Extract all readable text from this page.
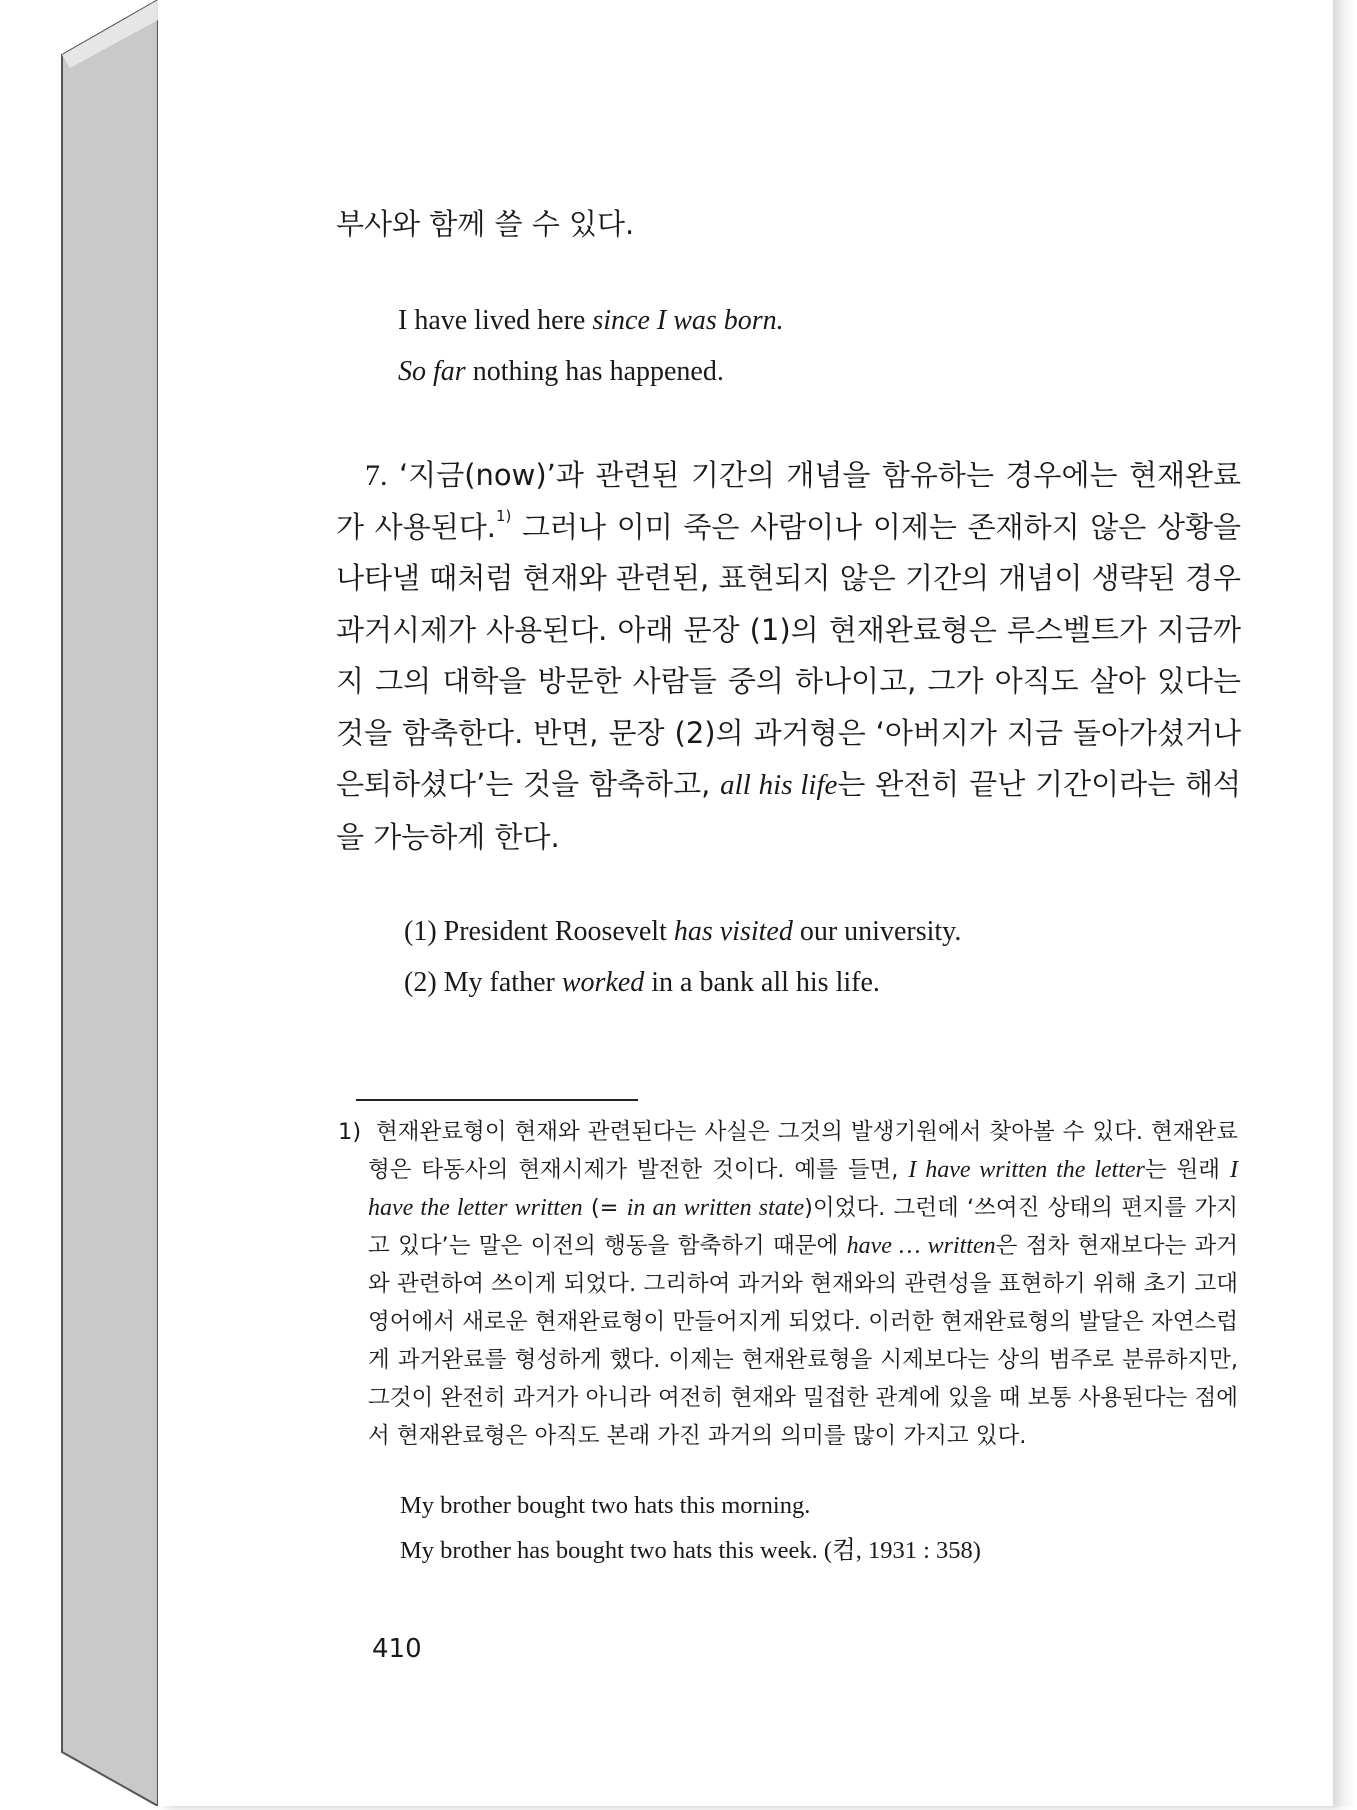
부사와 함께 쓸 수 있다.
I have lived here since I was born.
So far nothing has happened.
7. ‘지금(now)’과 관련된 기간의 개념을 함유하는 경우에는 현재완료가 사용된다.$^{1)}$ 그러나 이미 죽은 사람이나 이제는 존재하지 않은 상황을 나타낼 때처럼 현재와 관련된, 표현되지 않은 기간의 개념이 생략된 경우 과거시제가 사용된다. 아래 문장 (1)의 현재완료형은 루스벨트가 지금까지 그의 대학을 방문한 사람들 중의 하나이고, 그가 아직도 살아 있다는 것을 함축한다. 반면, 문장 (2)의 과거형은 ‘아버지가 지금 돌아가셨거나 은퇴하셨다’는 것을 함축하고, all his life는 완전히 끝난 기간이라는 해석을 가능하게 한다.
(1) President Roosevelt has visited our university.
(2) My father worked in a bank all his life.
1) 현재완료형이 현재와 관련된다는 사실은 그것의 발생기원에서 찾아볼 수 있다. 현재완료형은 타동사의 현재시제가 발전한 것이다. 예를 들면, I have written the letter는 원래 I have the letter written (= in an written state)이었다. 그런데 ‘쓰여진 상태의 편지를 가지고 있다’는 말은 이전의 행동을 함축하기 때문에 have … written은 점차 현재보다는 과거와 관련하여 쓰이게 되었다. 그리하여 과거와 현재와의 관련성을 표현하기 위해 초기 고대영어에서 새로운 현재완료형이 만들어지게 되었다. 이러한 현재완료형의 발달은 자연스럽게 과거완료를 형성하게 했다. 이제는 현재완료형을 시제보다는 상의 범주로 분류하지만, 그것이 완전히 과거가 아니라 여전히 현재와 밀접한 관계에 있을 때 보통 사용된다는 점에서 현재완료형은 아직도 본래 가진 과거의 의미를 많이 가지고 있다.
My brother bought two hats this morning.
My brother has bought two hats this week. (컴, 1931 : 358)
410
